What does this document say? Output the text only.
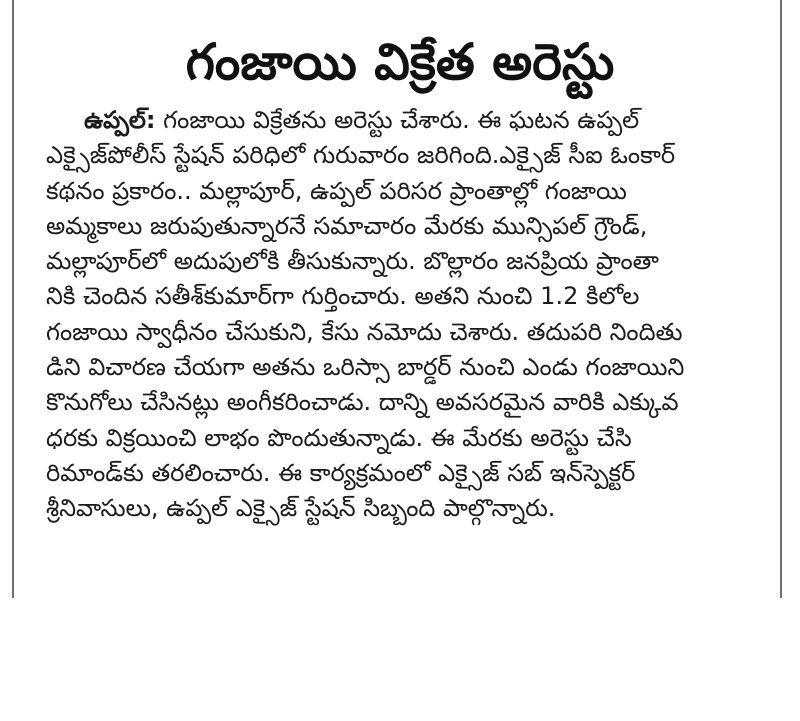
గంజాయి విక్రేత అరెస్టు
ఉప్పల్: గంజాయి విక్రేతను అరెస్టు చేశారు. ఈ ఘటన ఉప్పల్
ఎక్సైజ్‌పోలీస్ స్టేషన్ పరిధిలో గురువారం జరిగింది.ఎక్సైజ్ సీఐ ఓంకార్
కథనం ప్రకారం.. మల్లాపూర్, ఉప్పల్ పరిసర ప్రాంతాల్లో గంజాయి
అమ్మకాలు జరుపుతున్నారనే సమాచారం మేరకు మున్సిపల్ గ్రౌండ్,
మల్లాపూర్‌లో అదుపులోకి తీసుకున్నారు. బొల్లారం జనప్రియ ప్రాంతా
నికి చెందిన సతీశ్‌కుమార్‌గా గుర్తించారు. అతని నుంచి 1.2 కిలోల
గంజాయి స్వాధీనం చేసుకుని, కేసు నమోదు చెశారు. తదుపరి నిందితు
డిని విచారణ చేయగా అతను ఒరిస్సా బార్డర్ నుంచి ఎండు గంజాయిని
కొనుగోలు చేసినట్లు అంగీకరించాడు. దాన్ని అవసరమైన వారికి ఎక్కువ
ధరకు విక్రయించి లాభం పొందుతున్నాడు. ఈ మేరకు అరెస్టు చేసి
రిమాండ్‌కు తరలించారు. ఈ కార్యక్రమంలో ఎక్సైజ్ సబ్ ఇన్‌స్పెక్టర్
శ్రీనివాసులు, ఉప్పల్ ఎక్సైజ్ స్టేషన్ సిబ్బంది పాల్గొన్నారు.
